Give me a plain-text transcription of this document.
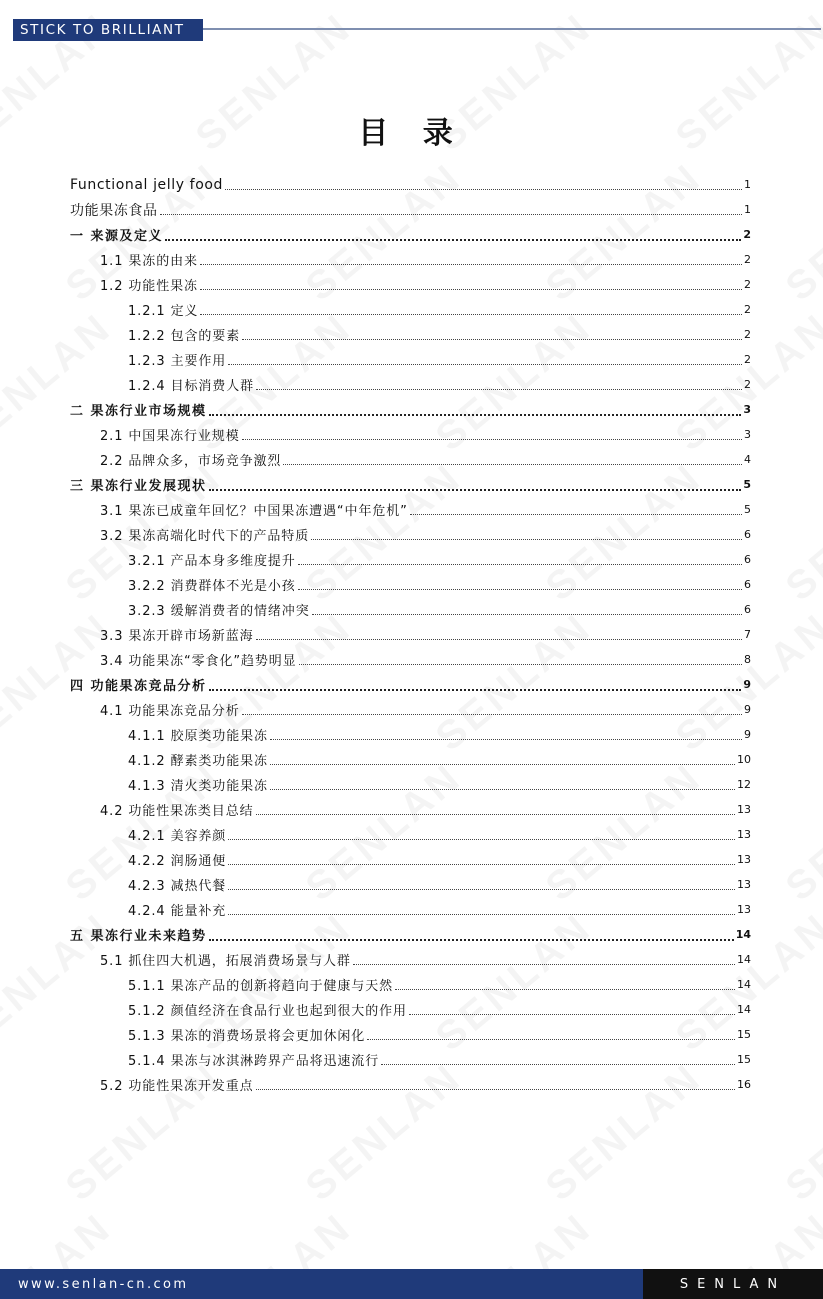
STICK TO BRILLIANT
目 录
Functional jelly food	1
功能果冻食品	1
一 来源及定义	2
1.1 果冻的由来	2
1.2 功能性果冻	2
1.2.1 定义	2
1.2.2 包含的要素	2
1.2.3 主要作用	2
1.2.4 目标消费人群	2
二 果冻行业市场规模	3
2.1 中国果冻行业规模	3
2.2 品牌众多，市场竞争激烈	4
三 果冻行业发展现状	5
3.1 果冻已成童年回忆？中国果冻遭遇“中年危机”	5
3.2 果冻高端化时代下的产品特质	6
3.2.1 产品本身多维度提升	6
3.2.2 消费群体不光是小孩	6
3.2.3 缓解消费者的情绪冲突	6
3.3 果冻开辟市场新蓝海	7
3.4 功能果冻“零食化”趋势明显	8
四 功能果冻竞品分析	9
4.1 功能果冻竞品分析	9
4.1.1 胶原类功能果冻	9
4.1.2 酵素类功能果冻	10
4.1.3 清火类功能果冻	12
4.2 功能性果冻类目总结	13
4.2.1 美容养颜	13
4.2.2 润肠通便	13
4.2.3 减热代餐	13
4.2.4 能量补充	13
五 果冻行业未来趋势	14
5.1 抓住四大机遇，拓展消费场景与人群	14
5.1.1 果冻产品的创新将趋向于健康与天然	14
5.1.2 颜值经济在食品行业也起到很大的作用	14
5.1.3 果冻的消费场景将会更加休闲化	15
5.1.4 果冻与冰淇淋跨界产品将迅速流行	15
5.2 功能性果冻开发重点	16
www.senlan-cn.com	SENLAN
